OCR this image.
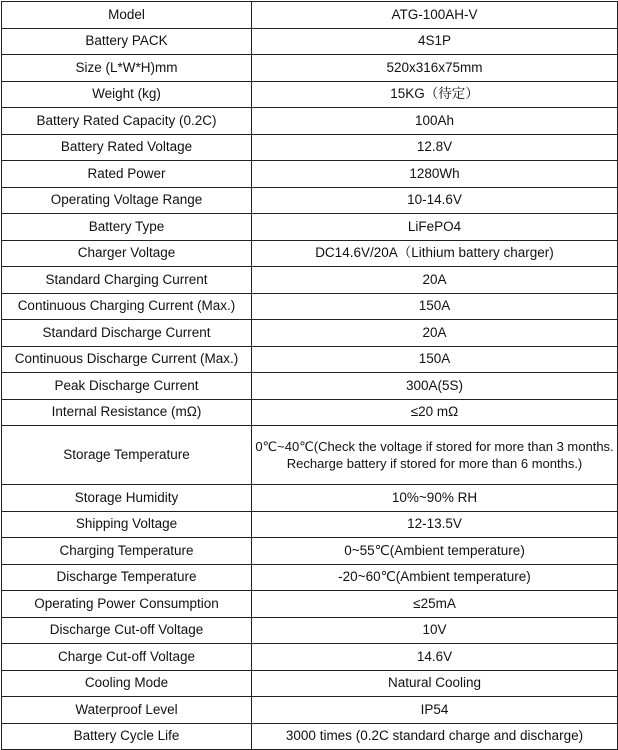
Model	ATG-100AH-V
Battery PACK	4S1P
Size (L*W*H)mm	520x316x75mm
Weight (kg)	15KG（待定）
Battery Rated Capacity (0.2C)	100Ah
Battery Rated Voltage	12.8V
Rated Power	1280Wh
Operating Voltage Range	10-14.6V
Battery Type	LiFePO4
Charger Voltage	DC14.6V/20A（Lithium battery charger)
Standard Charging Current	20A
Continuous Charging Current (Max.)	150A
Standard Discharge Current	20A
Continuous Discharge Current (Max.)	150A
Peak Discharge Current	300A(5S)
Internal Resistance (mΩ)	≤20 mΩ
Storage Temperature	0℃~40℃(Check the voltage if stored for more than 3 months.
Recharge battery if stored for more than 6 months.)

Storage Humidity	10%~90% RH
Shipping Voltage	12-13.5V
Charging Temperature	0~55℃(Ambient temperature)
Discharge Temperature	-20~60℃(Ambient temperature)
Operating Power Consumption	≤25mA
Discharge Cut-off Voltage	10V
Charge Cut-off Voltage	14.6V
Cooling Mode	Natural Cooling
Waterproof Level	IP54
Battery Cycle Life	3000 times (0.2C standard charge and discharge)
